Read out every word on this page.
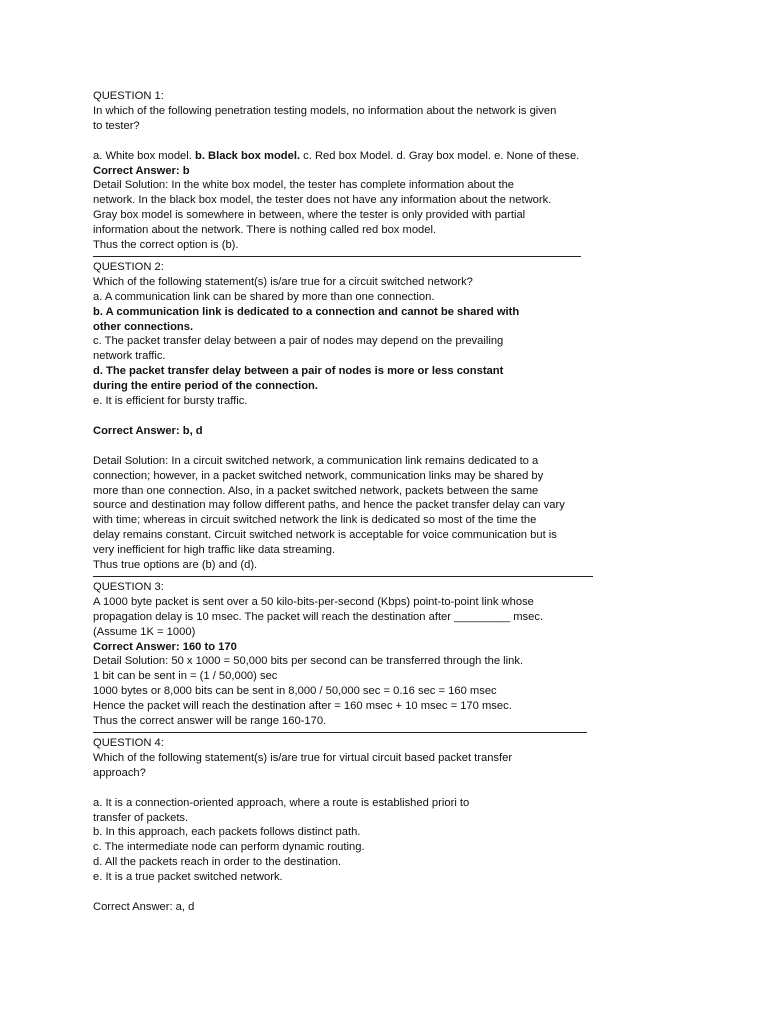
QUESTION 1:
In which of the following penetration testing models, no information about the network is given
to tester?
a. White box model. b. Black box model. c. Red box Model. d. Gray box model. e. None of these.
Correct Answer: b
Detail Solution: In the white box model, the tester has complete information about the
network. In the black box model, the tester does not have any information about the network.
Gray box model is somewhere in between, where the tester is only provided with partial
information about the network. There is nothing called red box model.
Thus the correct option is (b).
QUESTION 2:
Which of the following statement(s) is/are true for a circuit switched network?
a. A communication link can be shared by more than one connection.
b. A communication link is dedicated to a connection and cannot be shared with
other connections.
c. The packet transfer delay between a pair of nodes may depend on the prevailing
network traffic.
d. The packet transfer delay between a pair of nodes is more or less constant
during the entire period of the connection.
e. It is efficient for bursty traffic.
Correct Answer: b, d
Detail Solution: In a circuit switched network, a communication link remains dedicated to a
connection; however, in a packet switched network, communication links may be shared by
more than one connection. Also, in a packet switched network, packets between the same
source and destination may follow different paths, and hence the packet transfer delay can vary
with time; whereas in circuit switched network the link is dedicated so most of the time the
delay remains constant. Circuit switched network is acceptable for voice communication but is
very inefficient for high traffic like data streaming.
Thus true options are (b) and (d).
QUESTION 3:
A 1000 byte packet is sent over a 50 kilo-bits-per-second (Kbps) point-to-point link whose
propagation delay is 10 msec. The packet will reach the destination after _________ msec.
(Assume 1K = 1000)
Correct Answer: 160 to 170
Detail Solution: 50 x 1000 = 50,000 bits per second can be transferred through the link.
1 bit can be sent in = (1 / 50,000) sec
1000 bytes or 8,000 bits can be sent in 8,000 / 50,000 sec = 0.16 sec = 160 msec
Hence the packet will reach the destination after = 160 msec + 10 msec = 170 msec.
Thus the correct answer will be range 160-170.
QUESTION 4:
Which of the following statement(s) is/are true for virtual circuit based packet transfer
approach?
a. It is a connection-oriented approach, where a route is established priori to
transfer of packets.
b. In this approach, each packets follows distinct path.
c. The intermediate node can perform dynamic routing.
d. All the packets reach in order to the destination.
e. It is a true packet switched network.
Correct Answer: a, d
